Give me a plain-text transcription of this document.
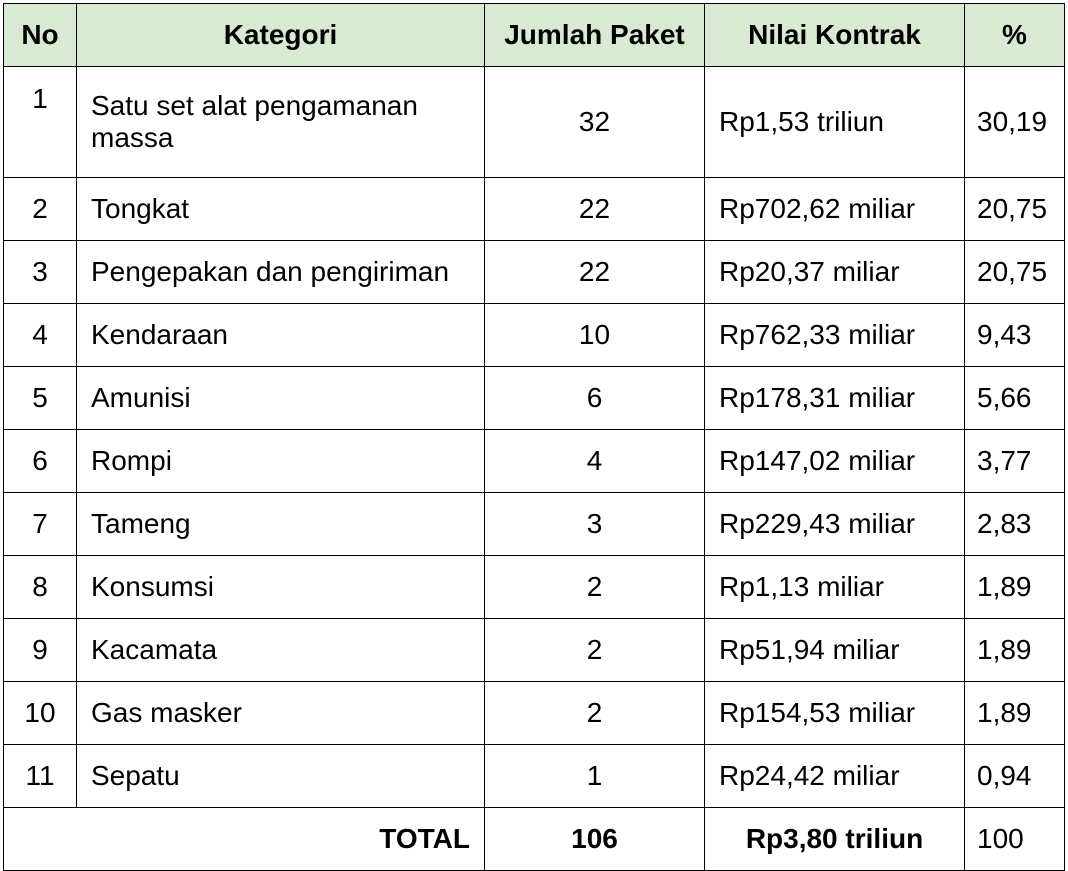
No	Kategori	Jumlah Paket	Nilai Kontrak	%
1	Satu set alat pengamanan massa	32	Rp1,53 triliun	30,19
2	Tongkat	22	Rp702,62 miliar	20,75
3	Pengepakan dan pengiriman	22	Rp20,37 miliar	20,75
4	Kendaraan	10	Rp762,33 miliar	9,43
5	Amunisi	6	Rp178,31 miliar	5,66
6	Rompi	4	Rp147,02 miliar	3,77
7	Tameng	3	Rp229,43 miliar	2,83
8	Konsumsi	2	Rp1,13 miliar	1,89
9	Kacamata	2	Rp51,94 miliar	1,89
10	Gas masker	2	Rp154,53 miliar	1,89
11	Sepatu	1	Rp24,42 miliar	0,94
TOTAL		106	Rp3,80 triliun	100
